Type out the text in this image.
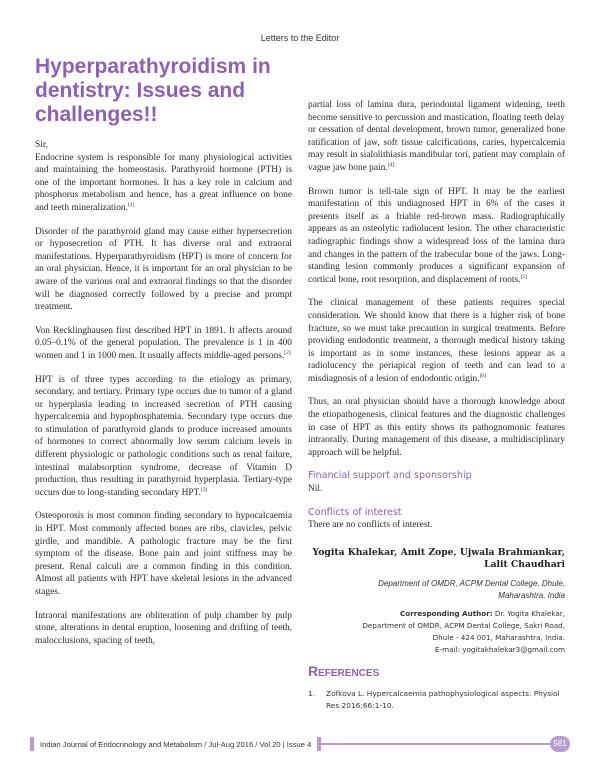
Letters to the Editor
Hyperparathyroidism in dentistry: Issues and challenges!!

Sir,

Endocrine system is responsible for many physiological activities and maintaining the homeostasis. Parathyroid hormone (PTH) is one of the important hormones. It has a key role in calcium and phosphorus metabolism and hence, has a great influence on bone and teeth mineralization.[1]

Disorder of the parathyroid gland may cause either hypersecretion or hyposecretion of PTH. It has diverse oral and extraoral manifestations. Hyperparathyroidism (HPT) is more of concern for an oral physician. Hence, it is important for an oral physician to be aware of the various oral and extraoral findings so that the disorder will be diagnosed correctly followed by a precise and prompt treatment.

Von Recklinghausen first described HPT in 1891. It affects around 0.05–0.1% of the general population. The prevalence is 1 in 400 women and 1 in 1000 men. It usually affects middle-aged persons.[2]

HPT is of three types according to the etiology as primary, secondary, and tertiary. Primary type occurs due to tumor of a gland or hyperplasia leading to increased secretion of PTH causing hypercalcemia and hypophosphatemia. Secondary type occurs due to stimulation of parathyroid glands to produce increased amounts of hormones to correct abnormally low serum calcium levels in different physiologic or pathologic conditions such as renal failure, intestinal malabsorption syndrome, decrease of Vitamin D production, thus resulting in parathyroid hyperplasia. Tertiary-type occurs due to long-standing secondary HPT.[3]

Osteoporosis is most common finding secondary to hypocalcaemia in HPT. Most commonly affected bones are ribs, clavicles, pelvic girdle, and mandible. A pathologic fracture may be the first symptom of the disease. Bone pain and joint stiffness may be present. Renal calculi are a common finding in this condition. Almost all patients with HPT have skeletal lesions in the advanced stages.

Intraoral manifestations are obliteration of pulp chamber by pulp stone, alterations in dental eruption, loosening and drifting of teeth, malocclusions, spacing of teeth,

partial loss of lamina dura, periodontal ligament widening, teeth become sensitive to percussion and mastication, floating teeth delay or cessation of dental development, brown tumor, generalized bone ratification of jaw, soft tissue calcifications, caries, hypercalcemia may result in sialolithiasis mandibular tori, patient may complain of vague jaw bone pain.[4]

Brown tumor is tell-tale sign of HPT. It may be the earliest manifestation of this undiagnosed HPT in 6% of the cases it presents itself as a friable red-brown mass. Radiographically appears as an osteolytic radiolucent lesion. The other characteristic radiographic findings show a widespread loss of the lamina dura and changes in the pattern of the trabecular bone of the jaws. Long-standing lesion commonly produces a significant expansion of cortical bone, root resorption, and displacement of roots.[5]

The clinical management of these patients requires special consideration. We should know that there is a higher risk of bone fracture, so we must take precaution in surgical treatments. Before providing endodontic treatment, a thorough medical history taking is important as in some instances, these lesions appear as a radiolucency the periapical region of teeth and can lead to a misdiagnosis of a lesion of endodontic origin.[6]

Thus, an oral physician should have a thorough knowledge about the etiopathogenesis, clinical features and the diagnostic challenges in case of HPT as this entity shows its pathognomonic features intraorally. During management of this disease, a multidisciplinary approach will be helpful.

Financial support and sponsorship

Nil.

Conflicts of interest

There are no conflicts of interest.

Yogita Khalekar, Amit Zope, Ujwala Brahmankar,
Lalit Chaudhari
Department of OMDR, ACPM Dental College, Dhule,
Maharashtra, India
Corresponding Author: Dr. Yogita Khalekar,
Department of OMDR, ACPM Dental College, Sakri Road,
Dhule - 424 001, Maharashtra, India.
E-mail: yogitakhalekar3@gmail.com
References
1.	Zofkova L. Hypercalcaemia pathophysiological aspects. Physiol Res 2016;66:1-10.
Indian Journal of Endocrinology and Metabolism / Jul-Aug 2016 / Vol 20 | Issue 4	581
